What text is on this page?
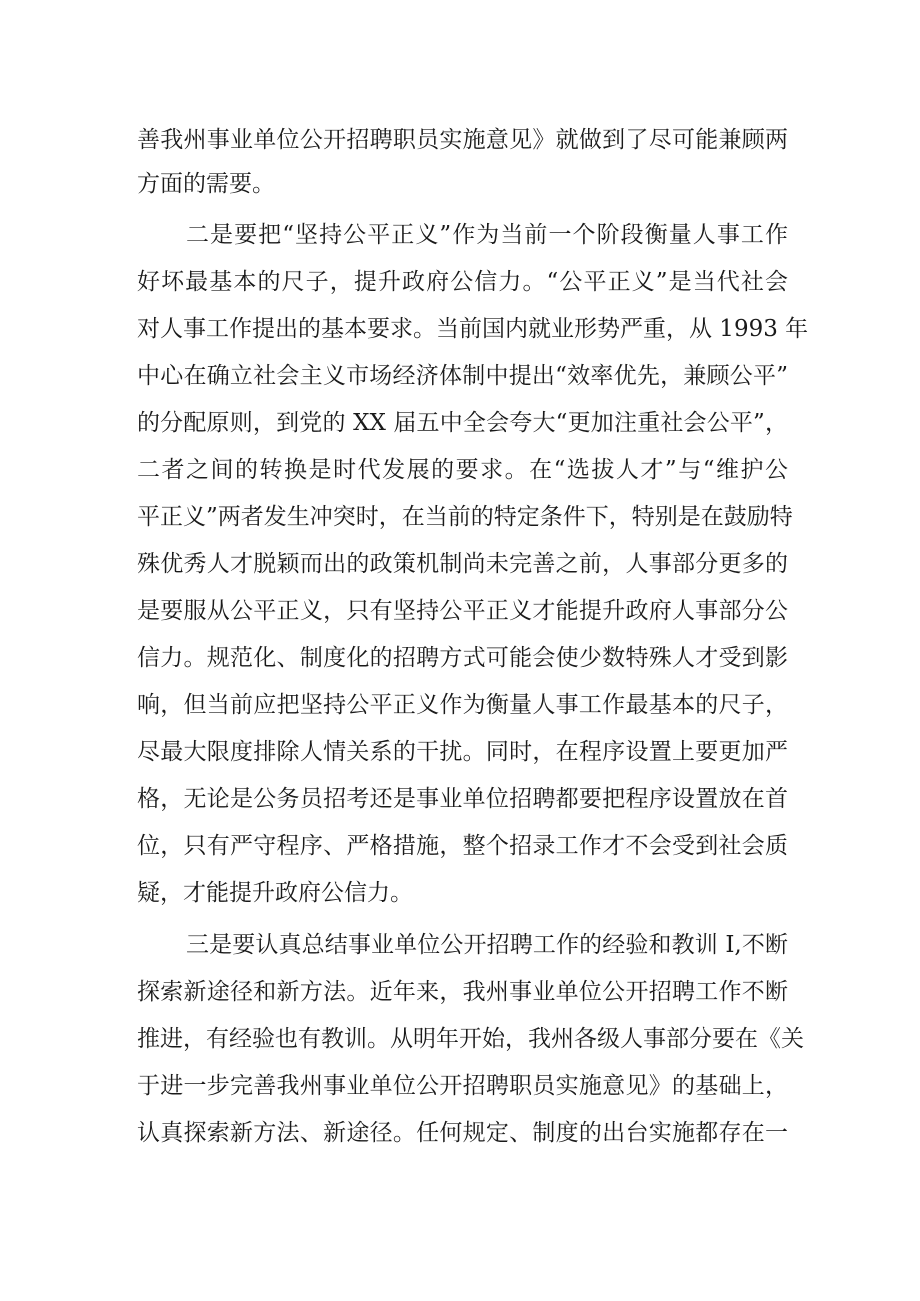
善我州事业单位公开招聘职员实施意见》就做到了尽可能兼顾两
方面的需要。
二是要把“坚持公平正义”作为当前一个阶段衡量人事工作
好坏最基本的尺子，提升政府公信力。“公平正义”是当代社会
对人事工作提出的基本要求。当前国内就业形势严重，从 1993 年
中心在确立社会主义市场经济体制中提出“效率优先，兼顾公平”
的分配原则，到党的 XX 届五中全会夸大“更加注重社会公平”，
二者之间的转换是时代发展的要求。在“选拔人才”与“维护公
平正义”两者发生冲突时，在当前的特定条件下，特别是在鼓励特
殊优秀人才脱颖而出的政策机制尚未完善之前，人事部分更多的
是要服从公平正义，只有坚持公平正义才能提升政府人事部分公
信力。规范化、制度化的招聘方式可能会使少数特殊人才受到影
响，但当前应把坚持公平正义作为衡量人事工作最基本的尺子，
尽最大限度排除人情关系的干扰。同时，在程序设置上要更加严
格，无论是公务员招考还是事业单位招聘都要把程序设置放在首
位，只有严守程序、严格措施，整个招录工作才不会受到社会质
疑，才能提升政府公信力。
三是要认真总结事业单位公开招聘工作的经验和教训 I,不断
探索新途径和新方法。近年来，我州事业单位公开招聘工作不断
推进，有经验也有教训。从明年开始，我州各级人事部分要在《关
于进一步完善我州事业单位公开招聘职员实施意见》的基础上，
认真探索新方法、新途径。任何规定、制度的出台实施都存在一
